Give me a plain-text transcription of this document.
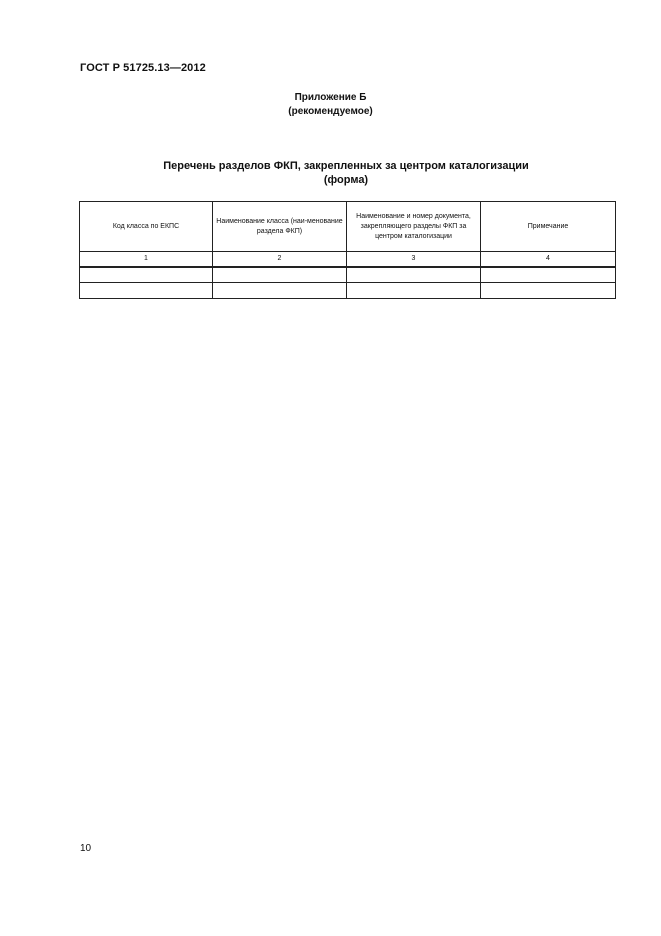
ГОСТ Р 51725.13—2012
Приложение Б
(рекомендуемое)
Перечень разделов ФКП, закрепленных за центром каталогизации
(форма)
Код класса по ЕКПС	Наименование класса (наи-менование раздела ФКП)	Наименование и номер документа, закрепляющего разделы ФКП за центром каталогизации	Примечание
1	2	3	4

10
